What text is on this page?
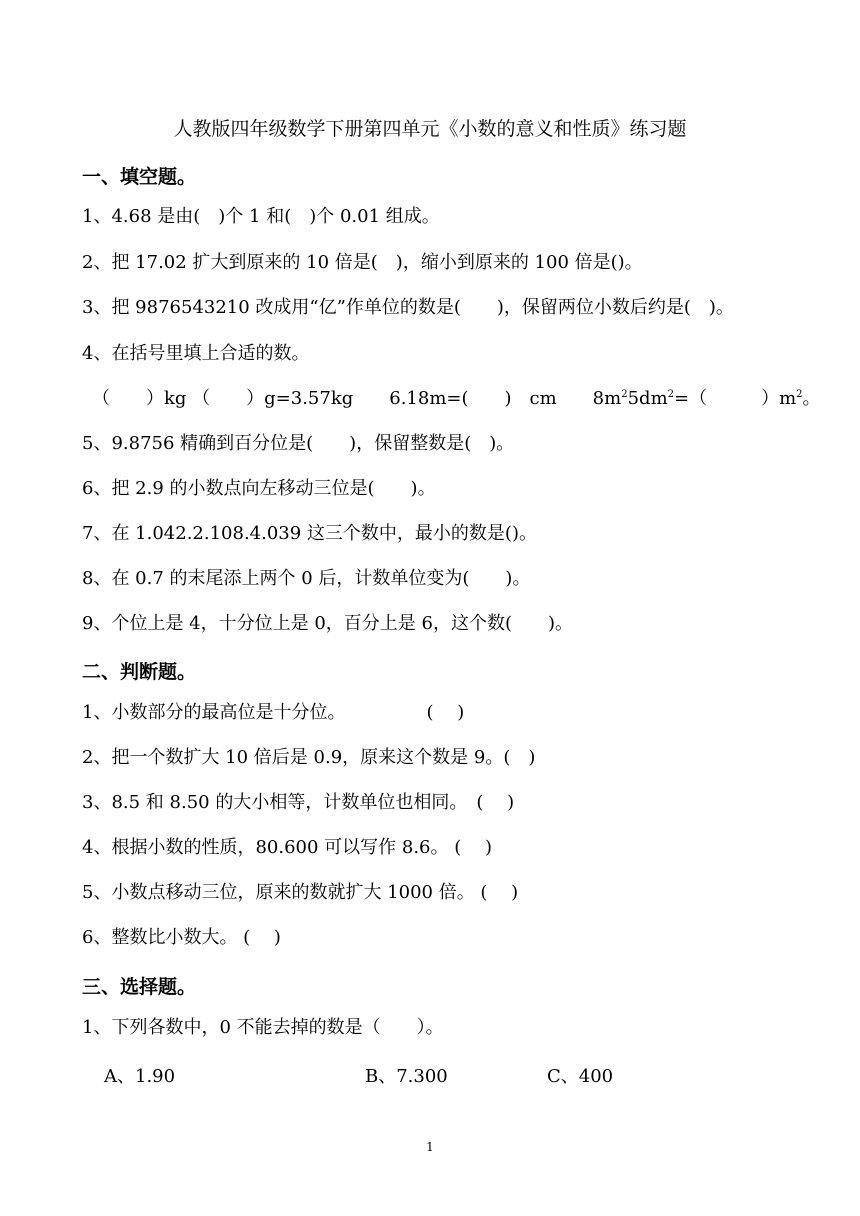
人教版四年级数学下册第四单元《小数的意义和性质》练习题
一、填空题。
1、4.68 是由(　)个 1 和(　)个 0.01 组成。
2、把 17.02 扩大到原来的 10 倍是(　)，缩小到原来的 100 倍是()。
3、把 9876543210 改成用“亿”作单位的数是(　　)，保留两位小数后约是(　)。
4、在括号里填上合适的数。
（　　）kg （　　）g=3.57kg　　6.18m=(　　)　cm　　$8m^25dm^2=$（　　　）$m^2$。
5、9.8756 精确到百分位是(　　)，保留整数是(　)。
6、把 2.9 的小数点向左移动三位是(　　)。
7、在 1.042.2.108.4.039 这三个数中，最小的数是()。
8、在 0.7 的末尾添上两个 0 后，计数单位变为(　　)。
9、个位上是 4，十分位上是 0，百分上是 6，这个数(　　)。
二、判断题。
1、小数部分的最高位是十分位。　　　　　(　 )
2、把一个数扩大 10 倍后是 0.9，原来这个数是 9。(　)
3、8.5 和 8.50 的大小相等，计数单位也相同。　(　 )
4、根据小数的性质，80.600 可以写作 8.6。 (　 )
5、小数点移动三位，原来的数就扩大 1000 倍。 (　 )
6、整数比小数大。 (　 )
三、选择题。
1、下列各数中，0 不能去掉的数是（　　）。
A、1.90	B、7.300	C、400
1
